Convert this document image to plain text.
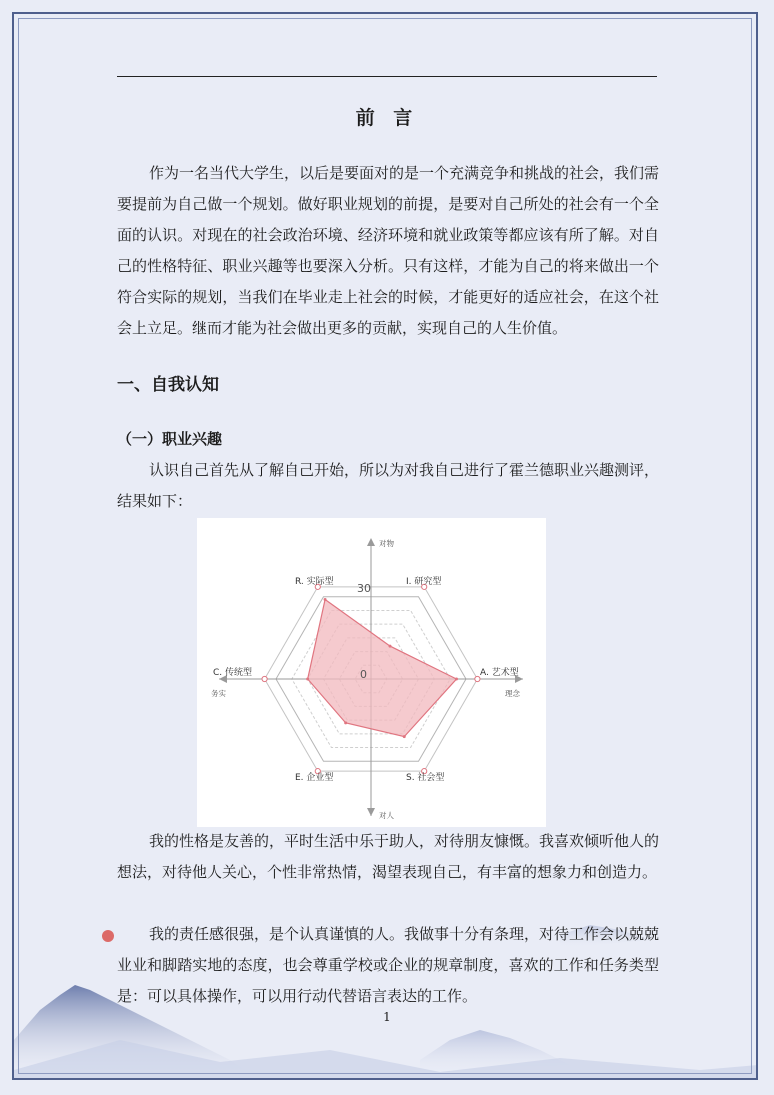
前 言

作为一名当代大学生，以后是要面对的是一个充满竞争和挑战的社会，我们需要提前为自己做一个规划。做好职业规划的前提，是要对自己所处的社会有一个全面的认识。对现在的社会政治环境、经济环境和就业政策等都应该有所了解。对自己的性格特征、职业兴趣等也要深入分析。只有这样，才能为自己的将来做出一个符合实际的规划，当我们在毕业走上社会的时候，才能更好的适应社会，在这个社会上立足。继而才能为社会做出更多的贡献，实现自己的人生价值。

一、自我认知
（一）职业兴趣

认识自己首先从了解自己开始，所以为对我自己进行了霍兰德职业兴趣测评，结果如下：

对物
对人
务实	理念
30
0
R. 实际型	I. 研究型
A. 艺术型
S. 社会型
E. 企业型
C. 传统型

我的性格是友善的，平时生活中乐于助人，对待朋友慷慨。我喜欢倾听他人的想法，对待他人关心，个性非常热情，渴望表现自己，有丰富的想象力和创造力。

我的责任感很强，是个认真谨慎的人。我做事十分有条理，对待工作会以兢兢业业和脚踏实地的态度，也会尊重学校或企业的规章制度，喜欢的工作和任务类型是：可以具体操作，可以用行动代替语言表达的工作。

1
